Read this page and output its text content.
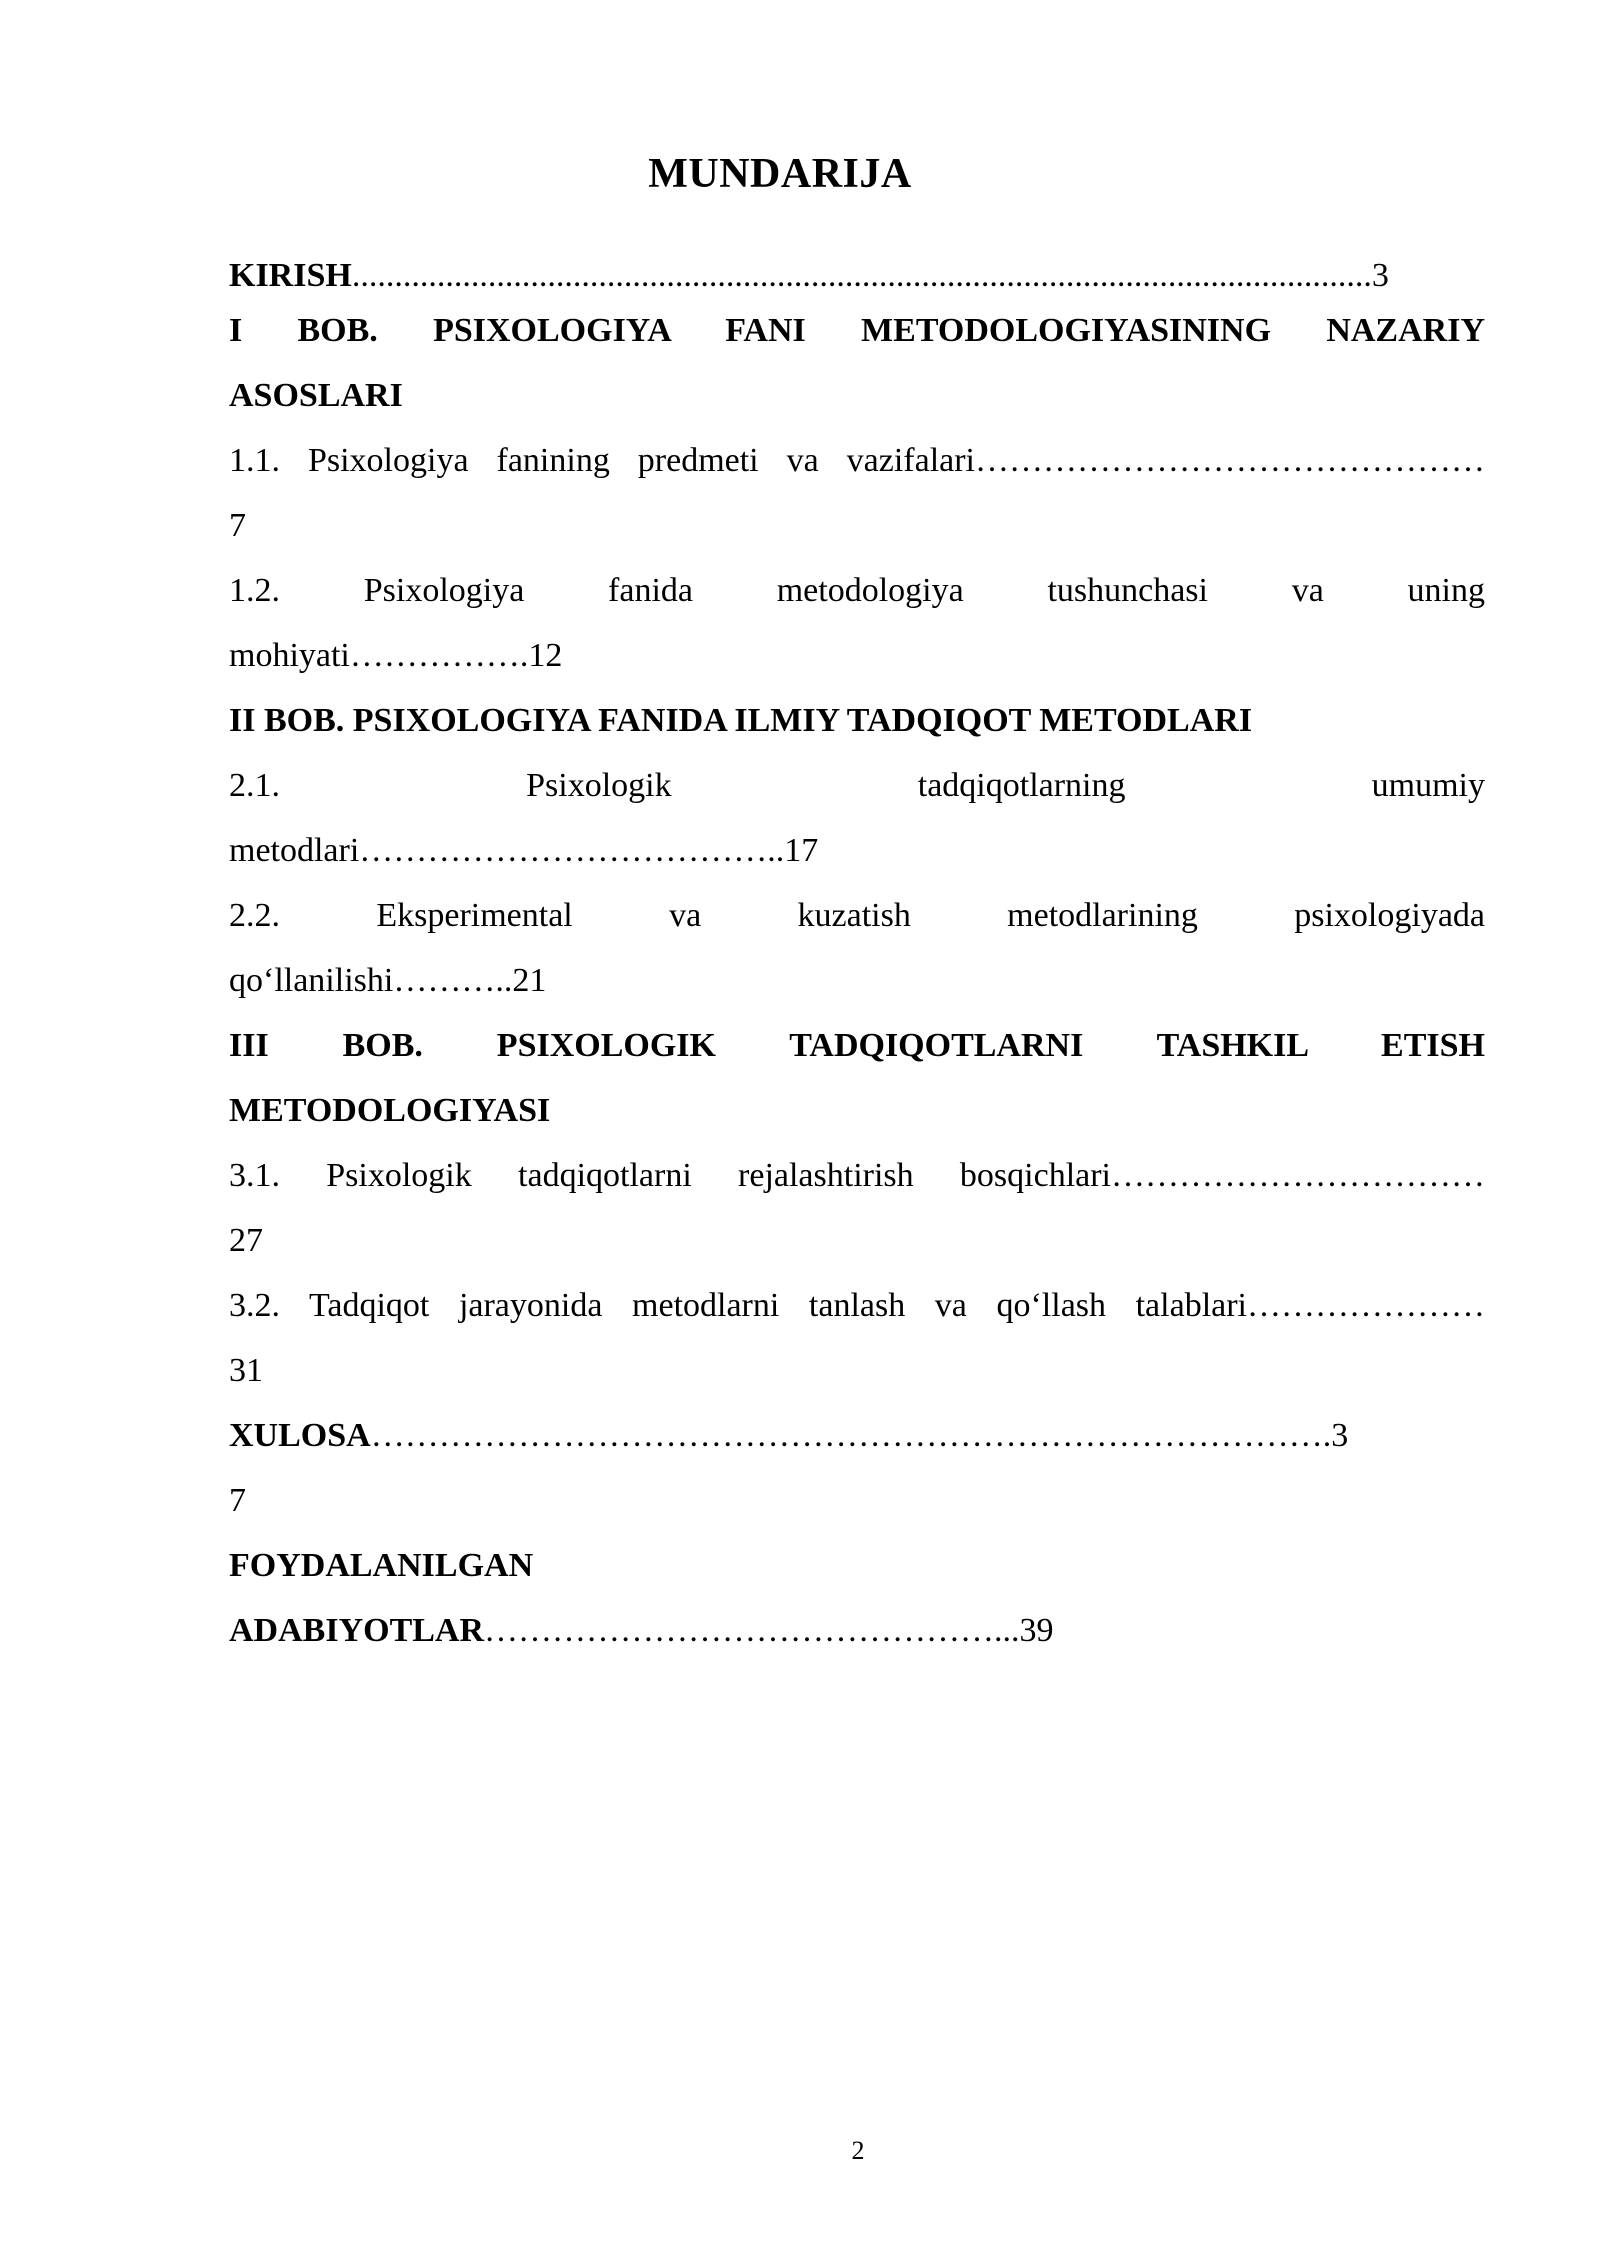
MUNDARIJA
KIRISH........................................................................................................................3
I BOB. PSIXOLOGIYA FANI METODOLOGIYASINING NAZARIY
ASOSLARI
1.1. Psixologiya fanining predmeti va vazifalari………………………………………
7
1.2. Psixologiya fanida metodologiya tushunchasi va uning
mohiyati…………….12
II BOB. PSIXOLOGIYA FANIDA ILMIY TADQIQOT METODLARI
2.1. Psixologik tadqiqotlarning umumiy
metodlari………………………………..17
2.2. Eksperimental va kuzatish metodlarining psixologiyada
qo‘llanilishi………..21
III BOB. PSIXOLOGIK TADQIQOTLARNI TASHKIL ETISH
METODOLOGIYASI
3.1. Psixologik tadqiqotlarni rejalashtirish bosqichlari……………………………
27
3.2. Tadqiqot jarayonida metodlarni tanlash va qo‘llash talablari…………………
31
XULOSA………………………………………………………………………….3
7
FOYDALANILGAN
ADABIYOTLAR………………………………………...39
2
